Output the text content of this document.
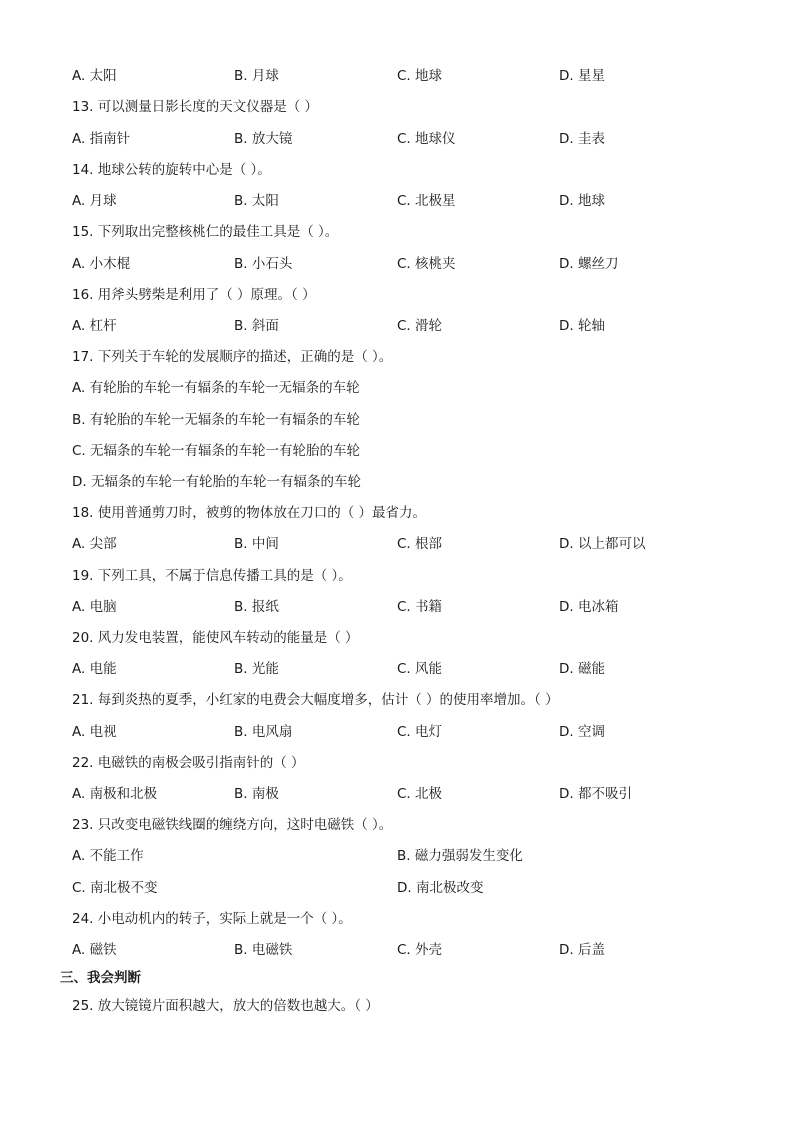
A. 太阳	B. 月球	C. 地球	D. 星星
13. 可以测量日影长度的天文仪器是（ ）
A. 指南针	B. 放大镜	C. 地球仪	D. 圭表
14. 地球公转的旋转中心是（ ）。
A. 月球	B. 太阳	C. 北极星	D. 地球
15. 下列取出完整核桃仁的最佳工具是（ ）。
A. 小木棍	B. 小石头	C. 核桃夹	D. 螺丝刀
16. 用斧头劈柴是利用了（ ）原理。（ ）
A. 杠杆	B. 斜面	C. 滑轮	D. 轮轴
17. 下列关于车轮的发展顺序的描述，正确的是（ ）。
A. 有轮胎的车轮一有辐条的车轮一无辐条的车轮
B. 有轮胎的车轮一无辐条的车轮一有辐条的车轮
C. 无辐条的车轮一有辐条的车轮一有轮胎的车轮
D. 无辐条的车轮一有轮胎的车轮一有辐条的车轮
18. 使用普通剪刀时，被剪的物体放在刀口的（ ）最省力。
A. 尖部	B. 中间	C. 根部	D. 以上都可以
19. 下列工具，不属于信息传播工具的是（ ）。
A. 电脑	B. 报纸	C. 书籍	D. 电冰箱
20. 风力发电装置，能使风车转动的能量是（ ）
A. 电能	B. 光能	C. 风能	D. 磁能
21. 每到炎热的夏季，小红家的电费会大幅度增多，估计（ ）的使用率增加。（ ）
A. 电视	B. 电风扇	C. 电灯	D. 空调
22. 电磁铁的南极会吸引指南针的（ ）
A. 南极和北极	B. 南极	C. 北极	D. 都不吸引
23. 只改变电磁铁线圈的缠绕方向，这时电磁铁（ ）。
A. 不能工作	B. 磁力强弱发生变化
C. 南北极不变	D. 南北极改变
24. 小电动机内的转子，实际上就是一个（ ）。
A. 磁铁	B. 电磁铁	C. 外壳	D. 后盖
三、我会判断
25. 放大镜镜片面积越大，放大的倍数也越大。（ ）
